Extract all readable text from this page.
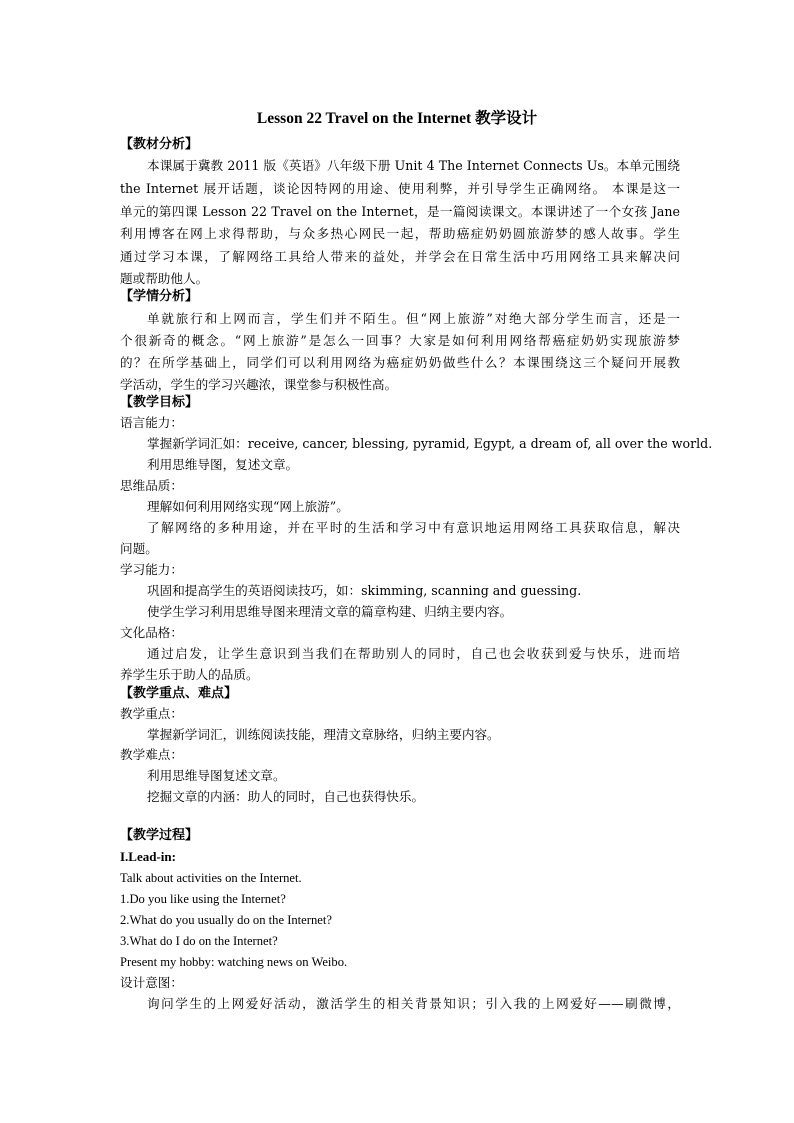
Lesson 22 Travel on the Internet 教学设计
【教材分析】
本课属于冀教 2011 版《英语》八年级下册 Unit 4 The Internet Connects Us。本单元围绕
the Internet 展开话题，谈论因特网的用途、使用利弊，并引导学生正确网络。 本课是这一
单元的第四课 Lesson 22 Travel on the Internet，是一篇阅读课文。本课讲述了一个女孩 Jane
利用博客在网上求得帮助，与众多热心网民一起，帮助癌症奶奶圆旅游梦的感人故事。学生
通过学习本课，了解网络工具给人带来的益处，并学会在日常生活中巧用网络工具来解决问
题或帮助他人。
【学情分析】
单就旅行和上网而言，学生们并不陌生。但“网上旅游”对绝大部分学生而言，还是一
个很新奇的概念。“网上旅游”是怎么一回事？大家是如何利用网络帮癌症奶奶实现旅游梦
的？在所学基础上，同学们可以利用网络为癌症奶奶做些什么？本课围绕这三个疑问开展教
学活动，学生的学习兴趣浓，课堂参与积极性高。
【教学目标】
语言能力：
掌握新学词汇如：receive, cancer, blessing, pyramid, Egypt, a dream of, all over the world.
利用思维导图，复述文章。
思维品质：
理解如何利用网络实现“网上旅游”。
了解网络的多种用途，并在平时的生活和学习中有意识地运用网络工具获取信息，解决
问题。
学习能力：
巩固和提高学生的英语阅读技巧，如：skimming, scanning and guessing.
使学生学习利用思维导图来理清文章的篇章构建、归纳主要内容。
文化品格：
通过启发，让学生意识到当我们在帮助别人的同时，自己也会收获到爱与快乐，进而培
养学生乐于助人的品质。
【教学重点、难点】
教学重点：
掌握新学词汇，训练阅读技能，理清文章脉络，归纳主要内容。
教学难点：
利用思维导图复述文章。
挖掘文章的内涵：助人的同时，自己也获得快乐。
【教学过程】
I.Lead-in:
Talk about activities on the Internet.
1.Do you like using the Internet?
2.What do you usually do on the Internet?
3.What do I do on the Internet?
Present my hobby: watching news on Weibo.
设计意图：
询问学生的上网爱好活动，激活学生的相关背景知识；引入我的上网爱好——刷微博，
